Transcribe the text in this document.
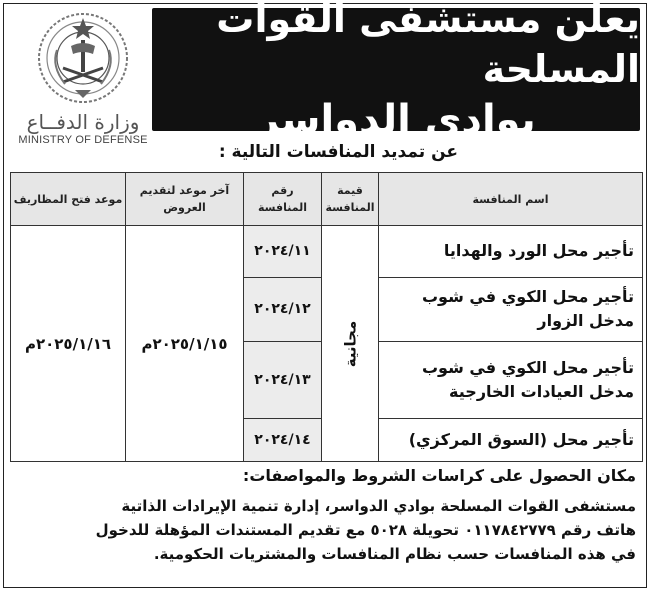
يعلن مستشفى القوات المسلحة
بوادي الدواسر
وزارة الدفــاع
MINISTRY OF DEFENSE
عن تمديد المنافسات التالية :
اسم المنافسة	قيمة المنافسة	رقم المنافسة	آخر موعد لتقديم العروض	موعد فتح المظاريف
تأجير محل الورد والهدايا	مجانية	٢٠٢٤/١١	٢٠٢٥/١/١٥م	٢٠٢٥/١/١٦م
تأجير محل الكوي في شوب مدخل الزوار		٢٠٢٤/١٢		
تأجير محل الكوي في شوب مدخل العيادات الخارجية		٢٠٢٤/١٣		
تأجير محل (السوق المركزي)		٢٠٢٤/١٤		
مكان الحصول على كراسات الشروط والمواصفات:
مستشفى القوات المسلحة بوادي الدواسر، إدارة تنمية الإيرادات الذاتية
هاتف رقم ٠١١٧٨٤٢٧٧٩ تحويلة ٥٠٢٨ مع تقديم المستندات المؤهلة للدخول
في هذه المنافسات حسب نظام المنافسات والمشتريات الحكومية.
